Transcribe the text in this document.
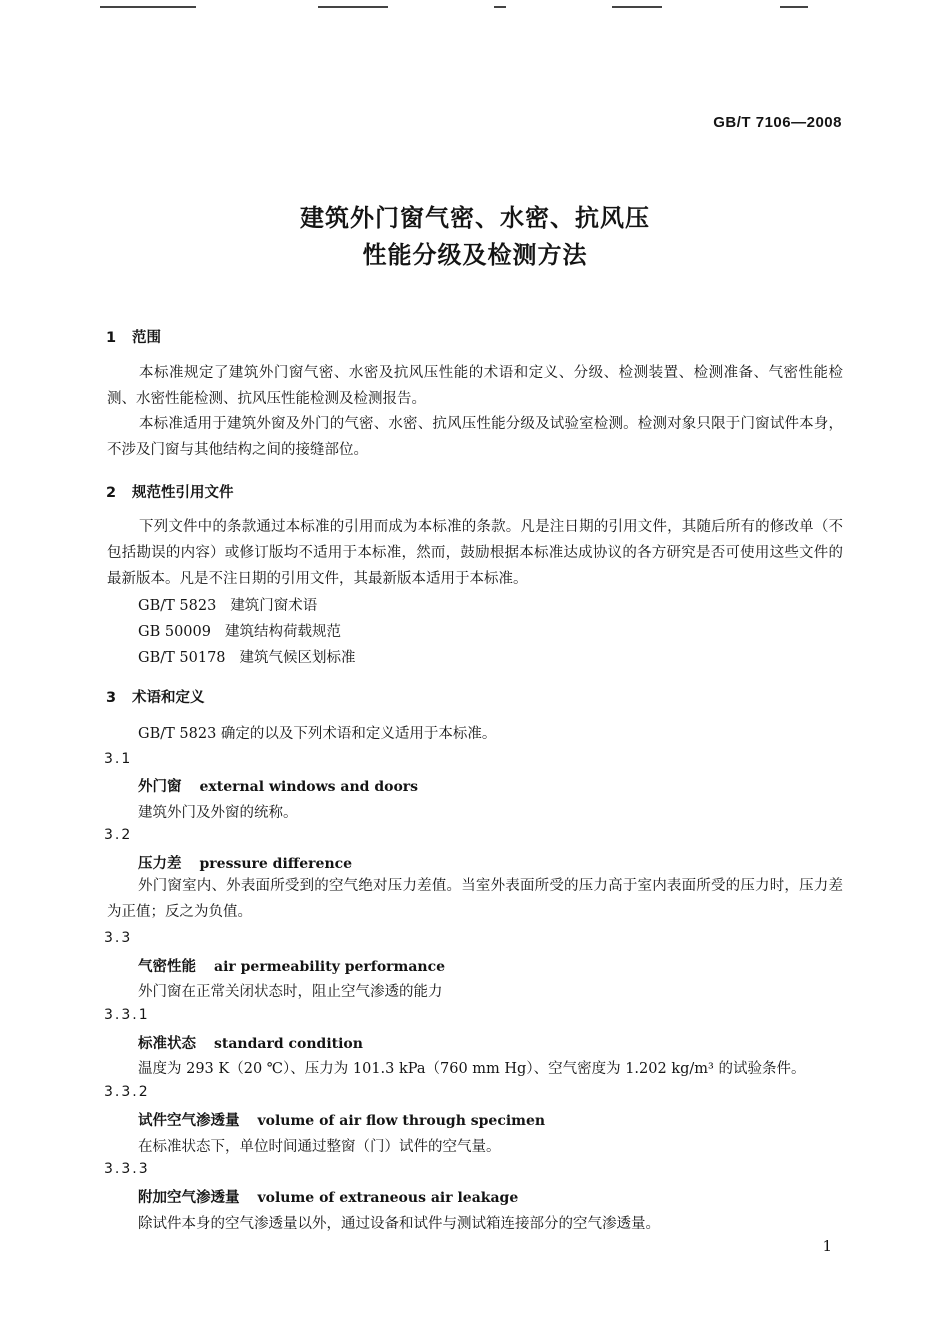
GB/T 7106—2008
建筑外门窗气密、水密、抗风压
性能分级及检测方法
1 范围
本标准规定了建筑外门窗气密、水密及抗风压性能的术语和定义、分级、检测装置、检测准备、气密性能检测、水密性能检测、抗风压性能检测及检测报告。
本标准适用于建筑外窗及外门的气密、水密、抗风压性能分级及试验室检测。检测对象只限于门窗试件本身，不涉及门窗与其他结构之间的接缝部位。
2 规范性引用文件
下列文件中的条款通过本标准的引用而成为本标准的条款。凡是注日期的引用文件，其随后所有的修改单（不包括勘误的内容）或修订版均不适用于本标准，然而，鼓励根据本标准达成协议的各方研究是否可使用这些文件的最新版本。凡是不注日期的引用文件，其最新版本适用于本标准。
GB/T 5823 建筑门窗术语
GB 50009 建筑结构荷载规范
GB/T 50178 建筑气候区划标准
3 术语和定义
GB/T 5823 确定的以及下列术语和定义适用于本标准。
3.1
外门窗 external windows and doors
建筑外门及外窗的统称。
3.2
压力差 pressure difference
外门窗室内、外表面所受到的空气绝对压力差值。当室外表面所受的压力高于室内表面所受的压力时，压力差为正值；反之为负值。
3.3
气密性能 air permeability performance
外门窗在正常关闭状态时，阻止空气渗透的能力
3.3.1
标准状态 standard condition
温度为 293 K（20 ℃）、压力为 101.3 kPa（760 mm Hg）、空气密度为 1.202 kg/m³ 的试验条件。
3.3.2
试件空气渗透量 volume of air flow through specimen
在标准状态下，单位时间通过整窗（门）试件的空气量。
3.3.3
附加空气渗透量 volume of extraneous air leakage
除试件本身的空气渗透量以外，通过设备和试件与测试箱连接部分的空气渗透量。
1
